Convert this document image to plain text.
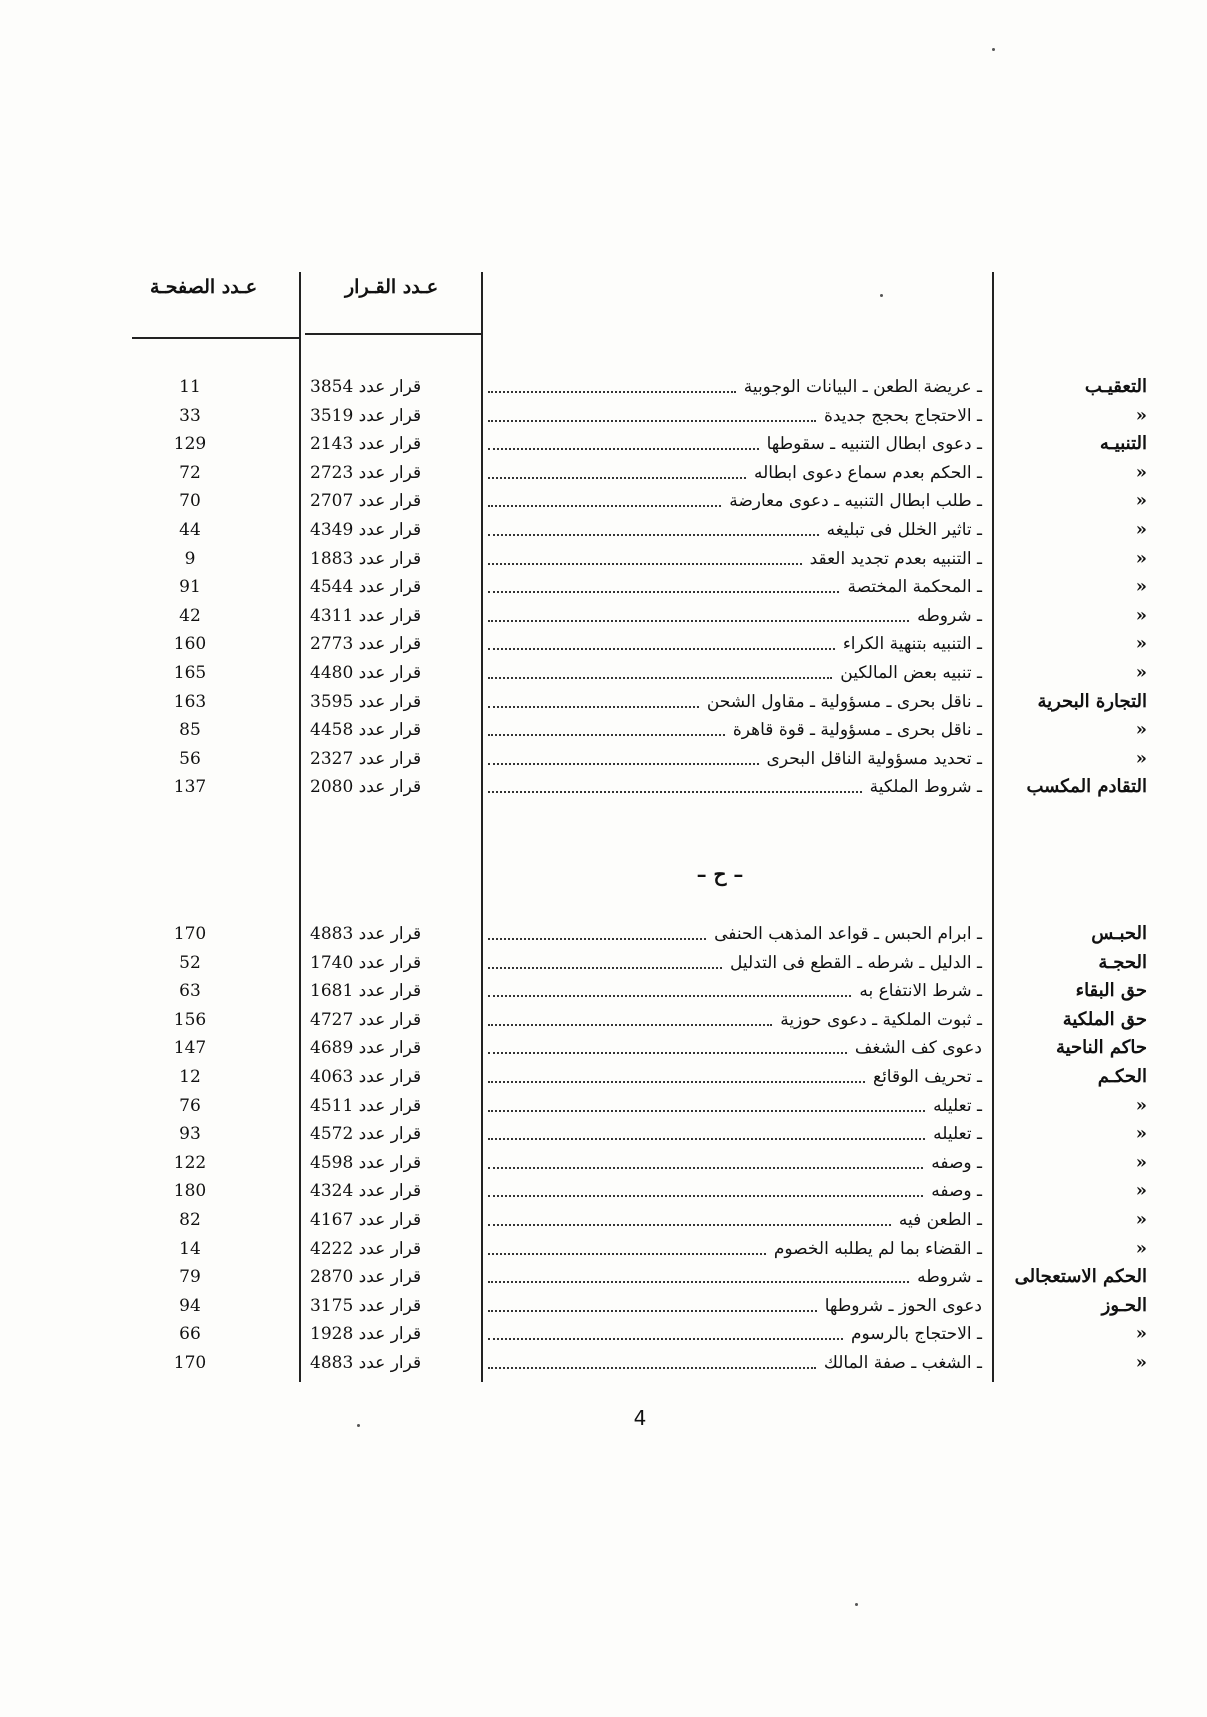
عـدد الصفحـة	عـدد القـرار
التعقيـب
ـ عريضة الطعن ـ البيانات الوجوبية
قرار عدد 3854
11
»
ـ الاحتجاج بحجج جديدة
قرار عدد 3519
33
التنبيـه
ـ دعوى ابطال التنبيه ـ سقوطها
قرار عدد 2143
129
»
ـ الحكم بعدم سماع دعوى ابطاله
قرار عدد 2723
72
»
ـ طلب ابطال التنبيه ـ دعوى معارضة
قرار عدد 2707
70
»
ـ تاثير الخلل فى تبليغه
قرار عدد 4349
44
»
ـ التنبيه بعدم تجديد العقد
قرار عدد 1883
9
»
ـ المحكمة المختصة
قرار عدد 4544
91
»
ـ شروطه
قرار عدد 4311
42
»
ـ التنبيه بتنهية الكراء
قرار عدد 2773
160
»
ـ تنبيه بعض المالكين
قرار عدد 4480
165
التجارة البحرية
ـ ناقل بحرى ـ مسؤولية ـ مقاول الشحن
قرار عدد 3595
163
»
ـ ناقل بحرى ـ مسؤولية ـ قوة قاهرة
قرار عدد 4458
85
»
ـ تحديد مسؤولية الناقل البحرى
قرار عدد 2327
56
التقادم المكسب
ـ شروط الملكية
قرار عدد 2080
137
– ح –
الحبـس
ـ ابرام الحبس ـ قواعد المذهب الحنفى
قرار عدد 4883
170
الحجـة
ـ الدليل ـ شرطه ـ القطع فى التدليل
قرار عدد 1740
52
حق البقاء
ـ شرط الانتفاع به
قرار عدد 1681
63
حق الملكية
ـ ثبوت الملكية ـ دعوى حوزية
قرار عدد 4727
156
حاكم الناحية
دعوى كف الشغف
قرار عدد 4689
147
الحكـم
ـ تحريف الوقائع
قرار عدد 4063
12
»
ـ تعليله
قرار عدد 4511
76
»
ـ تعليله
قرار عدد 4572
93
»
ـ وصفه
قرار عدد 4598
122
»
ـ وصفه
قرار عدد 4324
180
»
ـ الطعن فيه
قرار عدد 4167
82
»
ـ القضاء بما لم يطلبه الخصوم
قرار عدد 4222
14
الحكم الاستعجالى
ـ شروطه
قرار عدد 2870
79
الحـوز
دعوى الحوز ـ شروطها
قرار عدد 3175
94
»
ـ الاحتجاج بالرسوم
قرار عدد 1928
66
»
ـ الشغب ـ صفة المالك
قرار عدد 4883
170
4
